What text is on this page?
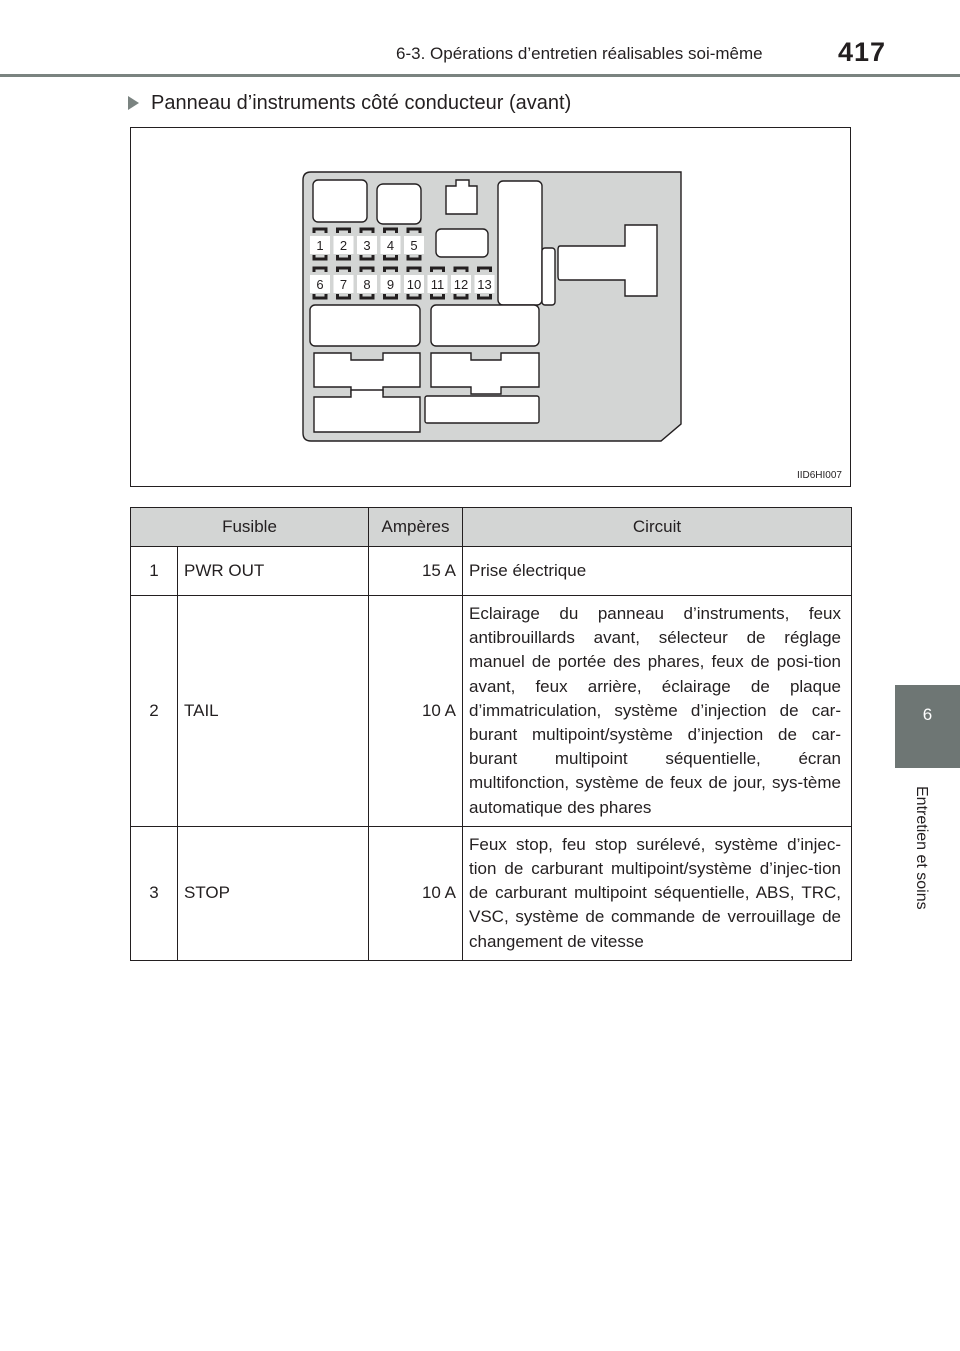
6-3. Opérations d’entretien réalisables soi-même	417
6
Entretien et soins
Panneau d’instruments côté conducteur (avant)
1 2 3 4 5
6 7 8 9 10 11 12 13
IID6HI007
Fusible		Ampères	Circuit
1	PWR OUT	15 A	Prise électrique
2	TAIL	10 A	Eclairage du panneau d’instruments, feux antibrouillards avant, sélecteur de réglage manuel de portée des phares, feux de posi-tion avant, feux arrière, éclairage de plaque d’immatriculation, système d’injection de car-burant multipoint/système d’injection de car-burant multipoint séquentielle, écran multifonction, système de feux de jour, sys-tème automatique des phares
3	STOP	10 A	Feux stop, feu stop surélevé, système d’injec-tion de carburant multipoint/système d’injec-tion de carburant multipoint séquentielle, ABS, TRC, VSC, système de commande de verrouillage de changement de vitesse
